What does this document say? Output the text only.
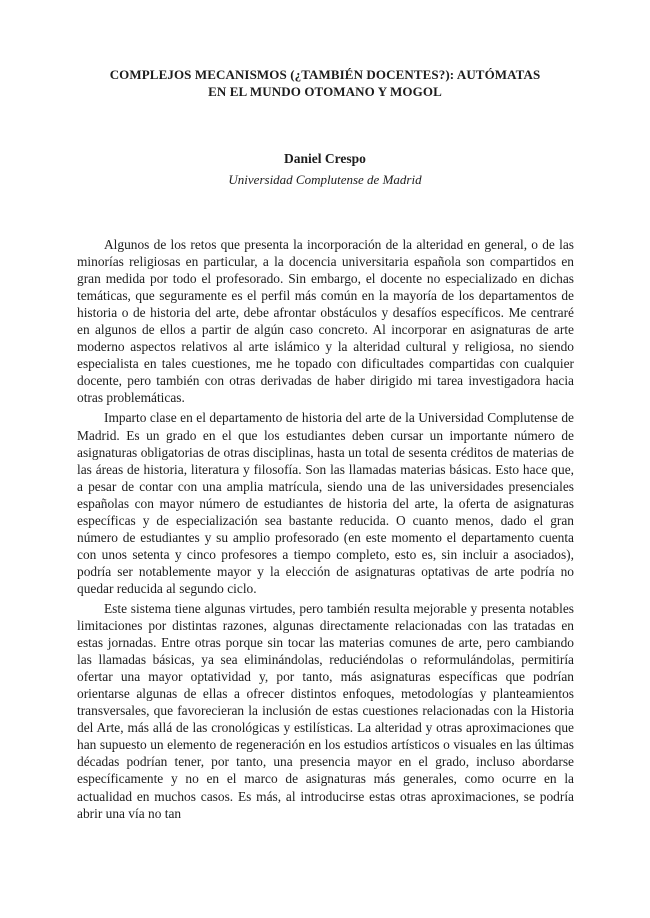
COMPLEJOS MECANISMOS (¿TAMBIÉN DOCENTES?): AUTÓMATAS
EN EL MUNDO OTOMANO Y MOGOL
Daniel Crespo
Universidad Complutense de Madrid

Algunos de los retos que presenta la incorporación de la alteridad en general, o de las minorías religiosas en particular, a la docencia universitaria española son compartidos en gran medida por todo el profesorado. Sin embargo, el docente no especializado en dichas temáticas, que seguramente es el perfil más común en la mayoría de los departamentos de historia o de historia del arte, debe afrontar obstáculos y desafíos específicos. Me centraré en algunos de ellos a partir de algún caso concreto. Al incorporar en asignaturas de arte moderno aspectos relativos al arte islámico y la alteridad cultural y religiosa, no siendo especialista en tales cuestiones, me he topado con dificultades compartidas con cualquier docente, pero también con otras derivadas de haber dirigido mi tarea investigadora hacia otras problemáticas.

Imparto clase en el departamento de historia del arte de la Universidad Complutense de Madrid. Es un grado en el que los estudiantes deben cursar un importante número de asignaturas obligatorias de otras disciplinas, hasta un total de sesenta créditos de materias de las áreas de historia, literatura y filosofía. Son las llamadas materias básicas. Esto hace que, a pesar de contar con una amplia matrícula, siendo una de las universidades presenciales españolas con mayor número de estudiantes de historia del arte, la oferta de asignaturas específicas y de especialización sea bastante reducida. O cuanto menos, dado el gran número de estudiantes y su amplio profesorado (en este momento el departamento cuenta con unos setenta y cinco profesores a tiempo completo, esto es, sin incluir a asociados), podría ser notablemente mayor y la elección de asignaturas optativas de arte podría no quedar reducida al segundo ciclo.

Este sistema tiene algunas virtudes, pero también resulta mejorable y presenta notables limitaciones por distintas razones, algunas directamente relacionadas con las tratadas en estas jornadas. Entre otras porque sin tocar las materias comunes de arte, pero cambiando las llamadas básicas, ya sea eliminándolas, reduciéndolas o reformulándolas, permitiría ofertar una mayor optatividad y, por tanto, más asignaturas específicas que podrían orientarse algunas de ellas a ofrecer distintos enfoques, metodologías y planteamientos transversales, que favorecieran la inclusión de estas cuestiones relacionadas con la Historia del Arte, más allá de las cronológicas y estilísticas. La alteridad y otras aproximaciones que han supuesto un elemento de regeneración en los estudios artísticos o visuales en las últimas décadas podrían tener, por tanto, una presencia mayor en el grado, incluso abordarse específicamente y no en el marco de asignaturas más generales, como ocurre en la actualidad en muchos casos. Es más, al introducirse estas otras aproximaciones, se podría abrir una vía no tan
